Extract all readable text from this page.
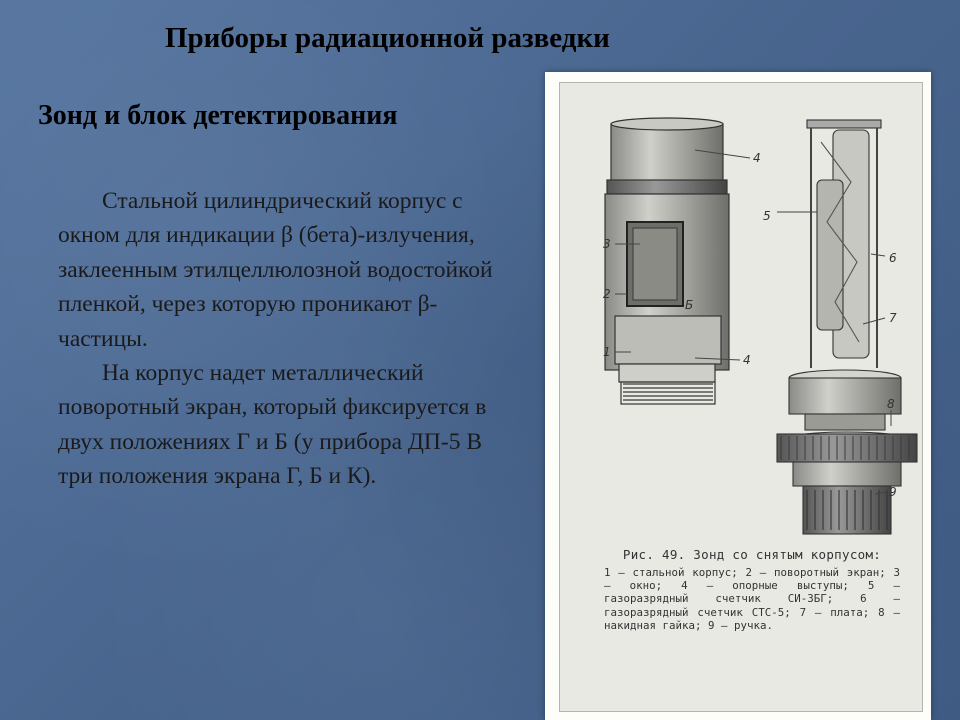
Приборы радиационной разведки
Зонд и блок детектирования

Стальной цилиндрический корпус с окном для индикации β (бета)-излучения, заклеенным этилцеллюлозной водостойкой пленкой, через которую проникают β-частицы.

На корпус надет металлический поворотный экран, который фиксируется в двух положениях Г и Б (у прибора ДП-5 В три положения экрана Г, Б и К).

Б
4
3
2
1
4
5
6
7
8
9

Рис. 49. Зонд со снятым корпусом:

1 — стальной корпус; 2 — поворотный экран; 3 — окно; 4 — опорные выступы; 5 — газоразрядный счетчик СИ-3БГ; 6 — газоразрядный счетчик СТС-5; 7 — плата; 8 — накидная гайка; 9 — ручка.
